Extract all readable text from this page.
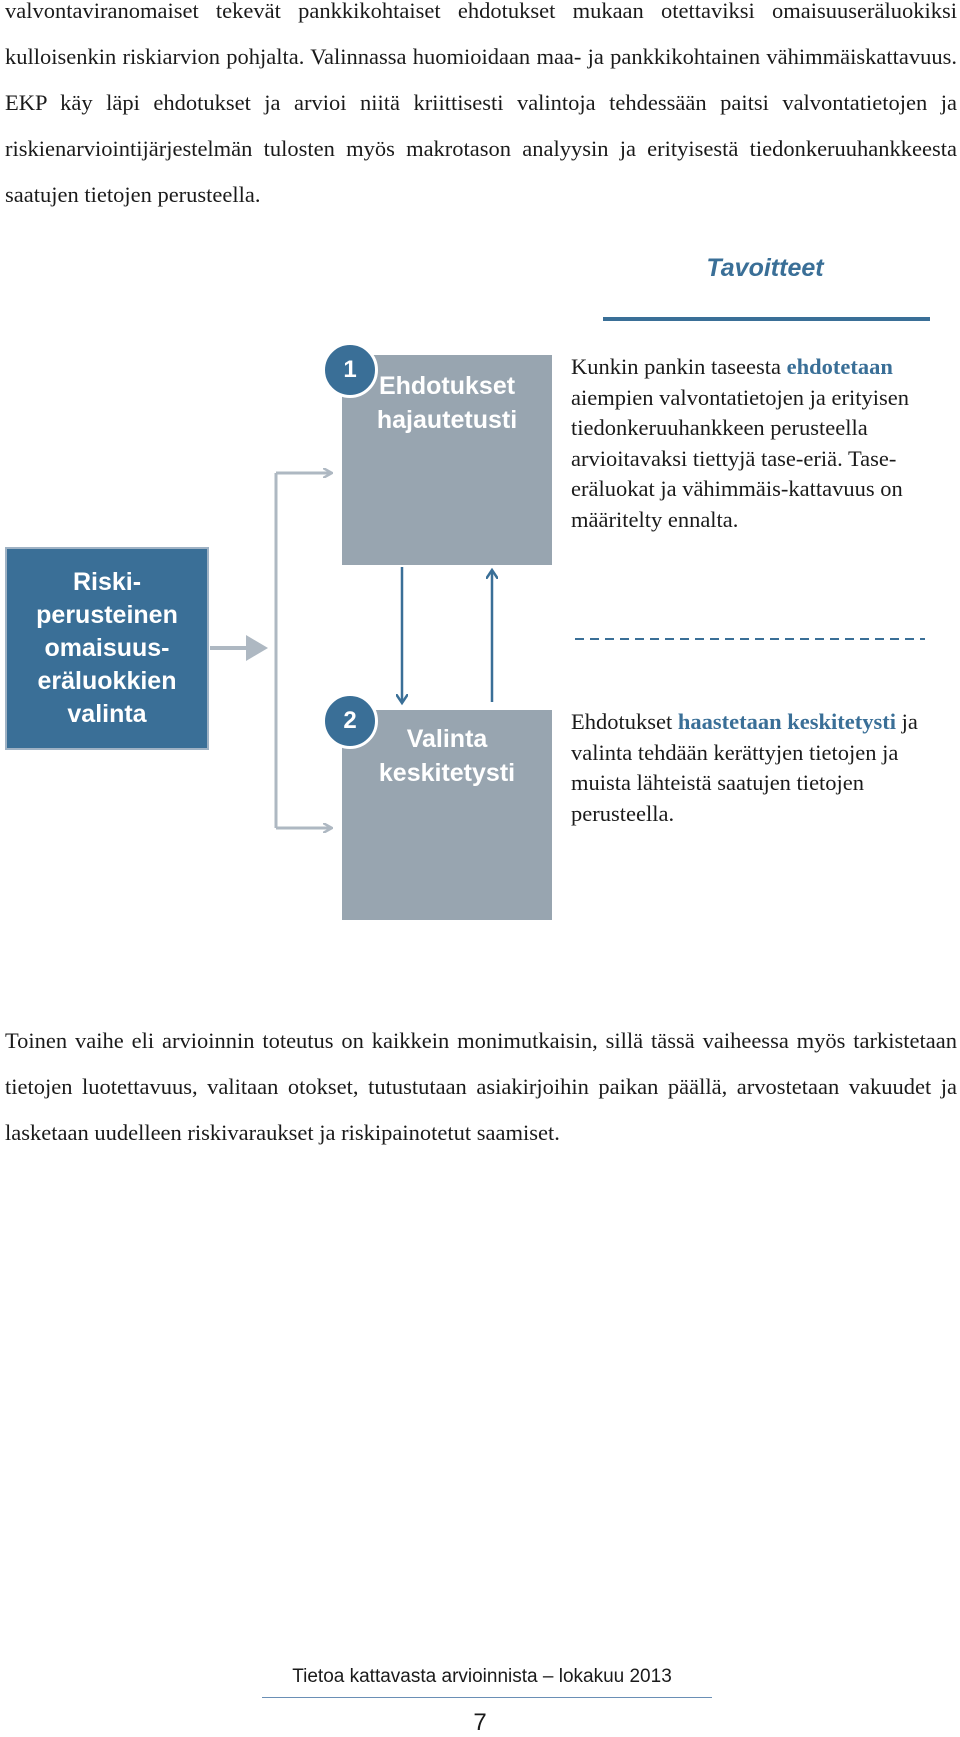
valvontaviranomaiset tekevät pankkikohtaiset ehdotukset mukaan otettaviksi omaisuuseräluokiksi kulloisenkin riskiarvion pohjalta. Valinnassa huomioidaan maa- ja pankkikohtainen vähimmäiskattavuus. EKP käy läpi ehdotukset ja arvioi niitä kriittisesti valintoja tehdessään paitsi valvontatietojen ja riskienarviointijärjestelmän tulosten myös makrotason analyysin ja erityisestä tiedonkeruuhankkeesta saatujen tietojen perusteella.

Tavoitteet
Riski-
perusteinen
omaisuus-
eräluokkien
valinta
Ehdotukset
hajautetusti
1
Valinta
keskitetysti
2

Kunkin pankin taseesta ehdotetaan aiempien valvontatietojen ja erityisen tiedonkeruuhankkeen perusteella arvioitavaksi tiettyjä tase-eriä. Tase-eräluokat ja vähimmäis-kattavuus on määritelty ennalta.

Ehdotukset haastetaan keskitetysti ja valinta tehdään kerättyjen tietojen ja muista lähteistä saatujen tietojen perusteella.

Toinen vaihe eli arvioinnin toteutus on kaikkein monimutkaisin, sillä tässä vaiheessa myös tarkistetaan tietojen luotettavuus, valitaan otokset, tutustutaan asiakirjoihin paikan päällä, arvostetaan vakuudet ja lasketaan uudelleen riskivaraukset ja riskipainotetut saamiset.

Tietoa kattavasta arvioinnista – lokakuu 2013
7
